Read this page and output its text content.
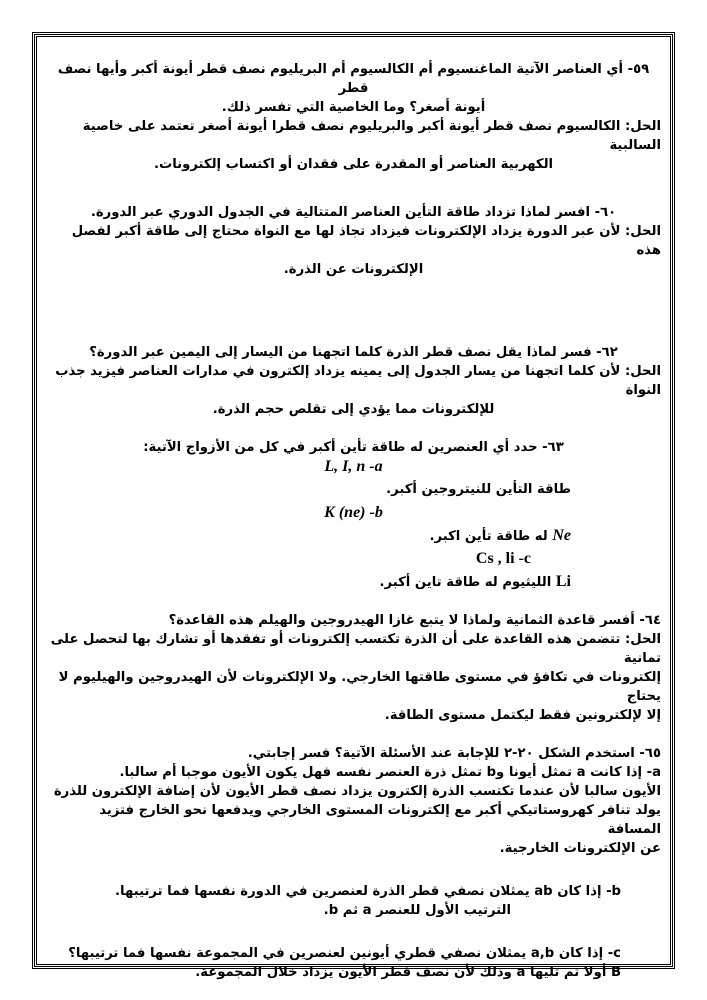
٥٩- أي العناصر الآتية الماغنسيوم أم الكالسيوم أم البريليوم نصف قطر أيونة أكبر وأيها نصف قطر
أيونة أصغر؟ وما الخاصية التي تفسر ذلك.
الحل: الكالسيوم نصف قطر أيونة أكبر والبريليوم نصف قطرا أيونة أصغر تعتمد على خاصية السالبية
الكهربية العناصر أو المقدرة على فقدان أو اكتساب إلكترونات.
٦٠- افسر لماذا تزداد طاقة التأين العناصر المتتالية في الجدول الدوري عبر الدورة.
الحل: لأن عبر الدورة يزداد الإلكترونات فيزداد تجاذ لها مع النواة محتاج إلى طاقة أكبر لفصل هذه
الإلكترونات عن الذرة.
٦٢- فسر لماذا يقل نصف قطر الذرة كلما اتجهنا من اليسار إلى اليمين عبر الدورة؟
الحل: لأن كلما اتجهنا من يسار الجدول إلى يمينه يزداد إلكترون في مدارات العناصر فيزيد جذب النواة
للإلكترونات مما يؤدي إلى تقلص حجم الذرة.
٦٣- حدد أي العنصرين له طاقة تأين أكبر في كل من الأزواج الآتية:
L, I, n -a
طاقة التأين للنيتروجين أكبر.
K (ne) -b
Ne له طاقة تأين اكبر.
Cs , li -c
Li الليثيوم له طاقة تاين أكبر.
٦٤- أفسر قاعدة الثمانية ولماذا لا يتبع غازا الهيدروجين والهيلم هذه القاعدة؟
الحل: تتضمن هذه القاعدة على أن الذرة تكتسب إلكترونات أو تفقدها أو تشارك بها لتحصل على تمانية
إلكترونات في تكافؤ في مستوى طاقتها الخارجي. ولا الإلكترونات لأن الهيدروجين والهيليوم لا يحتاج
إلا لإلكترونين فقط ليكتمل مستوى الطاقة.
٦٥- استخدم الشكل ٢٠-٢ للإجابة عند الأسئلة الآتية؟ فسر إجابتي.
a- إذا كانت a تمثل أيونا وb تمثل ذرة العنصر نفسه فهل يكون الأيون موجبا أم سالبا.
الأيون سالبا لأن عندما تكتسب الذرة إلكترون يزداد نصف قطر الأيون لأن إضافة الإلكترون للذرة
يولد تنافر كهروستاتيكي أكبر مع إلكترونات المستوى الخارجي ويدفعها نحو الخارج فتزيد المسافة
عن الإلكترونات الخارجية.
b- إذا كان ab يمثلان نصفي قطر الذرة لعنصرين في الدورة نفسها فما ترتيبها.
الترتيب الأول للعنصر a ثم b.
c- إذا كان a,b يمثلان نصفي قطري أيونين لعنصرين في المجموعة نفسها فما ترتيبها؟
B أولا ثم تليها a وذلك لأن نصف قطر الأيون يزداد خلال المجموعة.
